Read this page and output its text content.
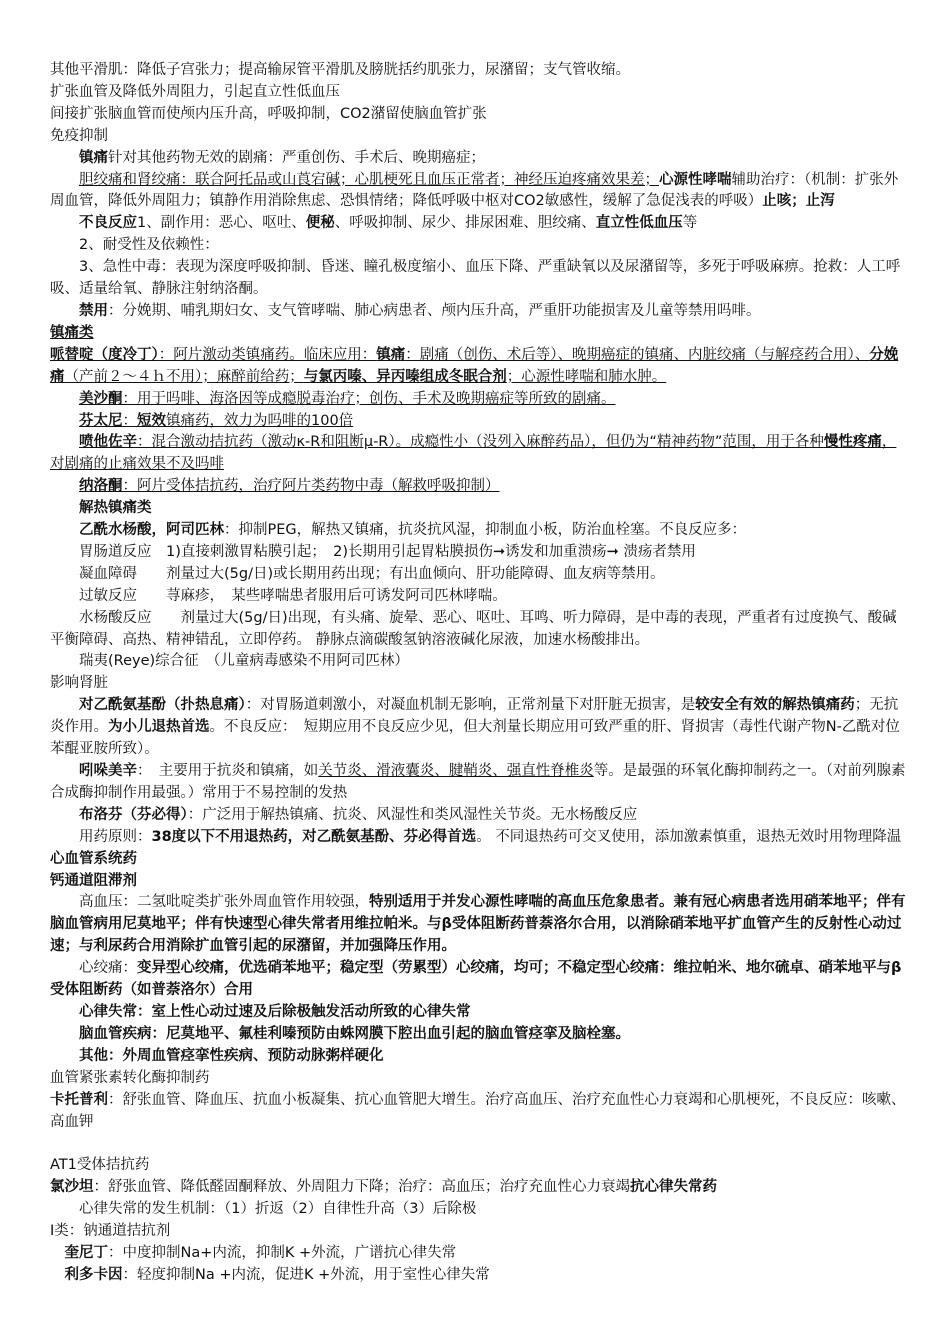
其他平滑肌：降低子宫张力；提高输尿管平滑肌及膀胱括约肌张力，尿潴留；支气管收缩。

扩张血管及降低外周阻力，引起直立性低血压

间接扩张脑血管而使颅内压升高，呼吸抑制，CO2潴留使脑血管扩张

免疫抑制

镇痛针对其他药物无效的剧痛：严重创伤、手术后、晚期癌症；

胆绞痛和肾绞痛：联合阿托品或山莨宕碱；心肌梗死且血压正常者；神经压迫疼痛效果差；心源性哮喘辅助治疗：（机制：扩张外周血管，降低外周阻力；镇静作用消除焦虑、恐惧情绪；降低呼吸中枢对CO2敏感性，缓解了急促浅表的呼吸）止咳；止泻

不良反应1、副作用：恶心、呕吐、便秘、呼吸抑制、尿少、排尿困难、胆绞痛、直立性低血压等

2、耐受性及依赖性：

3、急性中毒：表现为深度呼吸抑制、昏迷、瞳孔极度缩小、血压下降、严重缺氧以及尿潴留等，多死于呼吸麻痹。抢救：人工呼吸、适量给氧、静脉注射纳洛酮。

禁用：分娩期、哺乳期妇女、支气管哮喘、肺心病患者、颅内压升高，严重肝功能损害及儿童等禁用吗啡。

镇痛类

哌替啶（度冷丁）：阿片激动类镇痛药。临床应用：镇痛：剧痛（创伤、术后等）、晚期癌症的镇痛、内脏绞痛（与解痉药合用）、分娩痛（产前２～４ｈ不用）；麻醉前给药；与氯丙嗪、异丙嗪组成冬眠合剂；心源性哮喘和肺水肿。

美沙酮：用于吗啡、海洛因等成瘾脱毒治疗；创伤、手术及晚期癌症等所致的剧痛。

芬太尼：短效镇痛药，效力为吗啡的100倍

喷他佐辛：混合激动拮抗药（激动κ-R和阻断μ-R）。成瘾性小（没列入麻醉药品），但仍为“精神药物”范围，用于各种慢性疼痛，对剧痛的止痛效果不及吗啡

纳洛酮：阿片受体拮抗药，治疗阿片类药物中毒（解救呼吸抑制）

解热镇痛类

乙酰水杨酸，阿司匹林：抑制PEG，解热又镇痛，抗炎抗风湿，抑制血小板，防治血栓塞。不良反应多：

胃肠道反应　1)直接刺激胃粘膜引起；　2)长期用引起胃粘膜损伤➞诱发和加重溃疡➞ 溃疡者禁用

凝血障碍　　剂量过大(5g/日)或长期用药出现；有出血倾向、肝功能障碍、血友病等禁用。

过敏反应　　荨麻疹，　某些哮喘患者服用后可诱发阿司匹林哮喘。

水杨酸反应　　剂量过大(5g/日)出现，有头痛、旋晕、恶心、呕吐、耳鸣、听力障碍，是中毒的表现，严重者有过度换气、酸碱平衡障碍、高热、精神错乱，立即停药。 静脉点滴碳酸氢钠溶液碱化尿液，加速水杨酸排出。

瑞夷(Reye)综合征　（儿童病毒感染不用阿司匹林）

影响肾脏

对乙酰氨基酚（扑热息痛）：对胃肠道刺激小，对凝血机制无影响，正常剂量下对肝脏无损害，是较安全有效的解热镇痛药；无抗炎作用。为小儿退热首选。不良反应：　短期应用不良反应少见，但大剂量长期应用可致严重的肝、肾损害（毒性代谢产物N-乙酰对位苯醌亚胺所致）。

吲哚美辛：　主要用于抗炎和镇痛，如关节炎、滑液囊炎、腱鞘炎、强直性脊椎炎等。是最强的环氧化酶抑制药之一。（对前列腺素合成酶抑制作用最强。）常用于不易控制的发热

布洛芬（芬必得）：广泛用于解热镇痛、抗炎、风湿性和类风湿性关节炎。无水杨酸反应

用药原则：38度以下不用退热药，对乙酰氨基酚、芬必得首选。 不同退热药可交叉使用，添加激素慎重，退热无效时用物理降温

心血管系统药

钙通道阻滞剂

高血压：二氢吡啶类扩张外周血管作用较强，特别适用于并发心源性哮喘的高血压危象患者。兼有冠心病患者选用硝苯地平；伴有脑血管病用尼莫地平；伴有快速型心律失常者用维拉帕米。与β受体阻断药普萘洛尔合用，以消除硝苯地平扩血管产生的反射性心动过速；与利尿药合用消除扩血管引起的尿潴留，并加强降压作用。

心绞痛：变异型心绞痛，优选硝苯地平；稳定型（劳累型）心绞痛，均可；不稳定型心绞痛：维拉帕米、地尔硫卓、硝苯地平与β受体阻断药（如普萘洛尔）合用

心律失常：室上性心动过速及后除极触发活动所致的心律失常

脑血管疾病：尼莫地平、氟桂利嗪预防由蛛网膜下腔出血引起的脑血管痉挛及脑栓塞。

其他：外周血管痉挛性疾病、预防动脉粥样硬化

血管紧张素转化酶抑制药

卡托普利：舒张血管、降血压、抗血小板凝集、抗心血管肥大增生。治疗高血压、治疗充血性心力衰竭和心肌梗死，不良反应：咳嗽、高血钾

AT1受体拮抗药

氯沙坦：舒张血管、降低醛固酮释放、外周阻力下降；治疗：高血压；治疗充血性心力衰竭抗心律失常药

心律失常的发生机制：（1）折返（2）自律性升高（3）后除极

I类：钠通道拮抗剂

奎尼丁：中度抑制Na+内流，抑制K +外流，广谱抗心律失常

利多卡因：轻度抑制Na +内流，促进K +外流，用于室性心律失常
